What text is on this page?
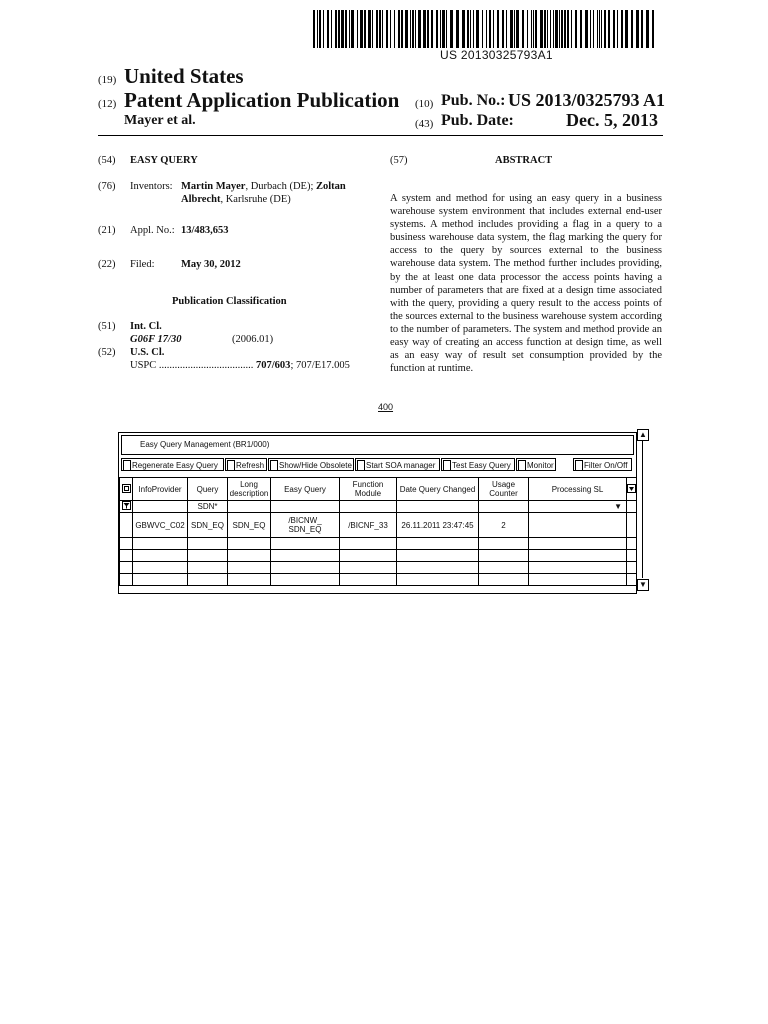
US 20130325793A1
(19) United States
(12) Patent Application Publication
Mayer et al.
(10) Pub. No.: US 2013/0325793 A1
(43) Pub. Date:	Dec. 5, 2013
(54) EASY QUERY
(76) Inventors: Martin Mayer, Durbach (DE); Zoltan
Albrecht, Karlsruhe (DE)
(21) Appl. No.: 13/483,653
(22) Filed:	May 30, 2012
Publication Classification
(51) Int. Cl.
G06F 17/30	(2006.01)
(52) U.S. Cl.
USPC .................................... 707/603; 707/E17.005
(57)	ABSTRACT
A system and method for using an easy query in a business warehouse system environment that includes external end-user systems. A method includes providing a flag in a query to a business warehouse data system, the flag marking the query for access to the query by sources external to the business warehouse data system. The method further includes providing, by the at least one data processor the access points having a number of parameters that are fixed at a design time associated with the query, providing a query result to the access points of the sources external to the business warehouse system according to the number of parameters. The system and method provide an easy way of creating an access function at design time, as well as an easy way of result set consumption provided by the function at runtime.
400
Easy Query Management (BR1/000)
Regenerate Easy Query	Refresh	Show/Hide Obsolete	Start SOA manager	Test Easy Query	Monitor	Filter On/Off
	InfoProvider	Query	Long description	Easy Query	Function Module	Date Query Changed	Usage Counter	Processing SL	
		SDN*						▼	
	GBWVC_C02	SDN_EQ	SDN_EQ	/BICNW_ SDN_EQ	/BICNF_33	26.11.2011 23:47:45	2		

▲
▼
